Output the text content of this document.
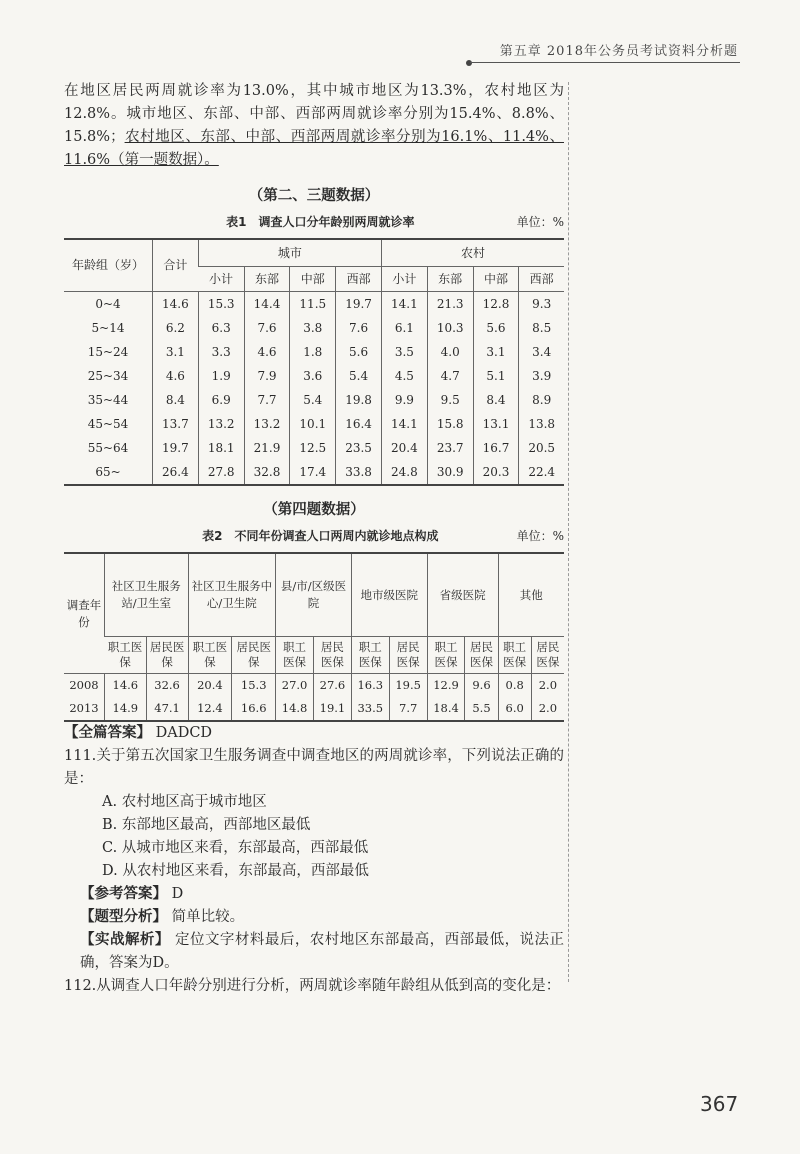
第五章 2018年公务员考试资料分析题

在地区居民两周就诊率为13.0%，其中城市地区为13.3%，农村地区为12.8%。城市地区、东部、中部、西部两周就诊率分别为15.4%、8.8%、15.8%；农村地区、东部、中部、西部两周就诊率分别为16.1%、11.4%、11.6%（第一题数据）。

（第二、三题数据）
表1　调查人口分年龄别两周就诊率	单位：%
年龄组（岁）	合计	城市				农村			
		小计	东部	中部	西部	小计	东部	中部	西部
0~4	14.6	15.3	14.4	11.5	19.7	14.1	21.3	12.8	9.3
5~14	6.2	6.3	7.6	3.8	7.6	6.1	10.3	5.6	8.5
15~24	3.1	3.3	4.6	1.8	5.6	3.5	4.0	3.1	3.4
25~34	4.6	1.9	7.9	3.6	5.4	4.5	4.7	5.1	3.9
35~44	8.4	6.9	7.7	5.4	19.8	9.9	9.5	8.4	8.9
45~54	13.7	13.2	13.2	10.1	16.4	14.1	15.8	13.1	13.8
55~64	19.7	18.1	21.9	12.5	23.5	20.4	23.7	16.7	20.5
65~	26.4	27.8	32.8	17.4	33.8	24.8	30.9	20.3	22.4
（第四题数据）
表2　不同年份调查人口两周内就诊地点构成	单位：%
调查年份	社区卫生服务站/卫生室		社区卫生服务中心/卫生院		县/市/区级医院		地市级医院		省级医院		其他	
	职工医保	居民医保	职工医保	居民医保	职工医保	居民医保	职工医保	居民医保	职工医保	居民医保	职工医保	居民医保
2008	14.6	32.6	20.4	15.3	27.0	27.6	16.3	19.5	12.9	9.6	0.8	2.0
2013	14.9	47.1	12.4	16.6	14.8	19.1	33.5	7.7	18.4	5.5	6.0	2.0

【全篇答案】 DADCD

111.关于第五次国家卫生服务调查中调查地区的两周就诊率，下列说法正确的是：

A. 农村地区高于城市地区

B. 东部地区最高，西部地区最低

C. 从城市地区来看，东部最高，西部最低

D. 从农村地区来看，东部最高，西部最低

【参考答案】 D

【题型分析】 简单比较。

【实战解析】 定位文字材料最后，农村地区东部最高，西部最低，说法正确，答案为D。

112.从调查人口年龄分别进行分析，两周就诊率随年龄组从低到高的变化是：

367
